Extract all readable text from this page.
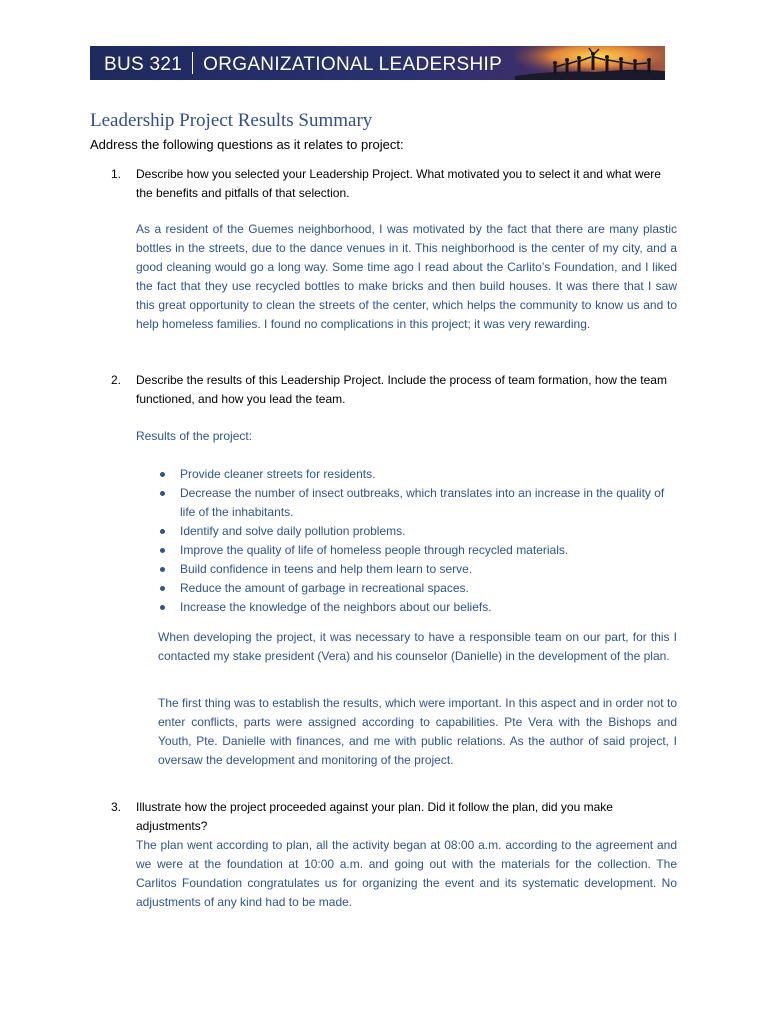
BUS 321 ORGANIZATIONAL LEADERSHIP
Leadership Project Results Summary
Address the following questions as it relates to project:
1. Describe how you selected your Leadership Project. What motivated you to select it and what were the benefits and pitfalls of that selection.
As a resident of the Guemes neighborhood, I was motivated by the fact that there are many plastic bottles in the streets, due to the dance venues in it. This neighborhood is the center of my city, and a good cleaning would go a long way. Some time ago I read about the Carlito’s Foundation, and I liked the fact that they use recycled bottles to make bricks and then build houses. It was there that I saw this great opportunity to clean the streets of the center, which helps the community to know us and to help homeless families. I found no complications in this project; it was very rewarding.
2. Describe the results of this Leadership Project. Include the process of team formation, how the team functioned, and how you lead the team.
Results of the project:
Provide cleaner streets for residents.
Decrease the number of insect outbreaks, which translates into an increase in the quality of life of the inhabitants.
Identify and solve daily pollution problems.
Improve the quality of life of homeless people through recycled materials.
Build confidence in teens and help them learn to serve.
Reduce the amount of garbage in recreational spaces.
Increase the knowledge of the neighbors about our beliefs.
When developing the project, it was necessary to have a responsible team on our part, for this I contacted my stake president (Vera) and his counselor (Danielle) in the development of the plan.
The first thing was to establish the results, which were important. In this aspect and in order not to enter conflicts, parts were assigned according to capabilities. Pte Vera with the Bishops and Youth, Pte. Danielle with finances, and me with public relations. As the author of said project, I oversaw the development and monitoring of the project.
3. Illustrate how the project proceeded against your plan. Did it follow the plan, did you make adjustments?
The plan went according to plan, all the activity began at 08:00 a.m. according to the agreement and we were at the foundation at 10:00 a.m. and going out with the materials for the collection. The Carlitos Foundation congratulates us for organizing the event and its systematic development. No adjustments of any kind had to be made.
